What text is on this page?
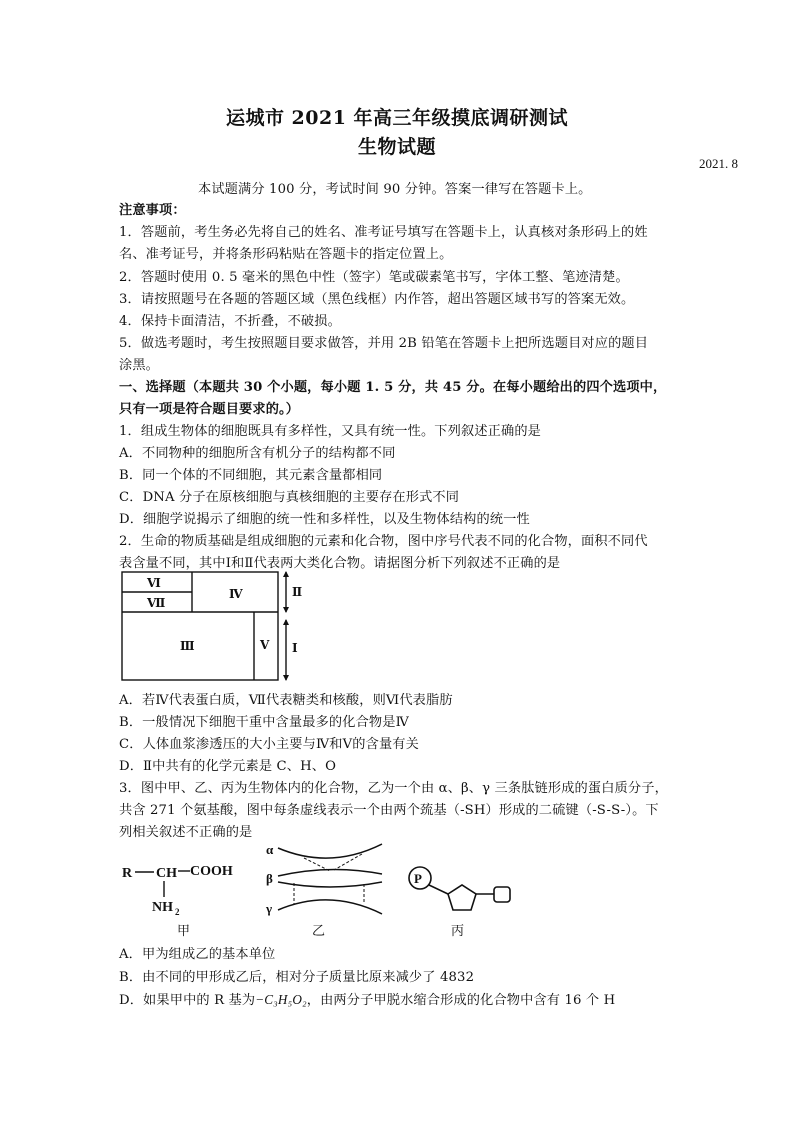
运城市 2021 年高三年级摸底调研测试
生物试题
2021. 8
本试题满分 100 分，考试时间 90 分钟。答案一律写在答题卡上。
注意事项：
1．答题前，考生务必先将自己的姓名、准考证号填写在答题卡上，认真核对条形码上的姓
名、准考证号，并将条形码粘贴在答题卡的指定位置上。
2．答题时使用 0. 5 毫米的黑色中性（签字）笔或碳素笔书写，字体工整、笔迹清楚。
3．请按照题号在各题的答题区域（黑色线框）内作答，超出答题区域书写的答案无效。
4．保持卡面清洁，不折叠，不破损。
5．做选考题时，考生按照题目要求做答，并用 2B 铅笔在答题卡上把所选题目对应的题目
涂黑。
一、选择题（本题共 30 个小题，每小题 1. 5 分，共 45 分。在每小题给出的四个选项中，
只有一项是符合题目要求的。）
1．组成生物体的细胞既具有多样性，又具有统一性。下列叙述正确的是
A．不同物种的细胞所含有机分子的结构都不同
B．同一个体的不同细胞，其元素含量都相同
C．DNA 分子在原核细胞与真核细胞的主要存在形式不同
D．细胞学说揭示了细胞的统一性和多样性，以及生物体结构的统一性
2．生命的物质基础是组成细胞的元素和化合物，图中序号代表不同的化合物，面积不同代
表含量不同，其中Ⅰ和Ⅱ代表两大类化合物。请据图分析下列叙述不正确的是
Ⅵ
Ⅶ
Ⅳ
Ⅲ	Ⅴ
Ⅱ
Ⅰ
A．若Ⅳ代表蛋白质，Ⅶ代表糖类和核酸，则Ⅵ代表脂肪
B．一般情况下细胞干重中含量最多的化合物是Ⅳ
C．人体血浆渗透压的大小主要与Ⅳ和Ⅴ的含量有关
D．Ⅱ中共有的化学元素是 C、H、O
3．图中甲、乙、丙为生物体内的化合物，乙为一个由 α、β、γ 三条肽链形成的蛋白质分子，
共含 271 个氨基酸，图中每条虚线表示一个由两个巯基（-SH）形成的二硫键（-S-S-）。下
列相关叙述不正确的是
R CH COOH
NH 2
α
β
γ
P
甲	乙	丙
A．甲为组成乙的基本单位
B．由不同的甲形成乙后，相对分子质量比原来减少了 4832
D．如果甲中的 R 基为−C₃H₅O₂，由两分子甲脱水缩合形成的化合物中含有 16 个 H
